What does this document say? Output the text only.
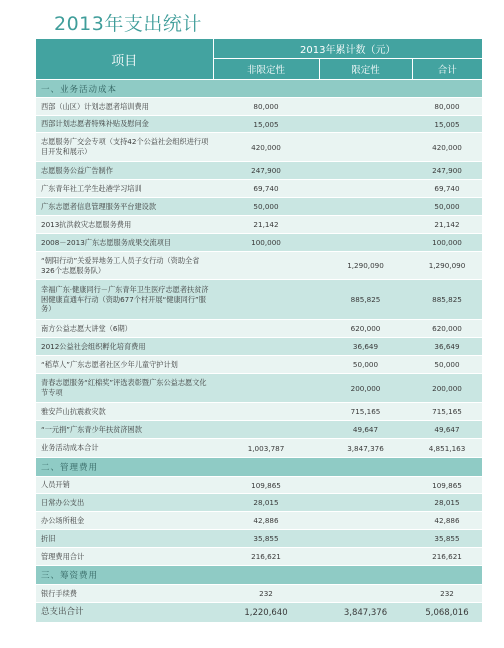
2013年支出统计
项目	2013年累计数（元）		
	非限定性	限定性	合计
一、业务活动成本			
西部（山区）计划志愿者培训费用	80,000		80,000
西部计划志愿者特殊补贴及慰问金	15,005		15,005
志愿服务广交会专项（支持42个公益社会组织进行项目开发和展示）	420,000		420,000
志愿服务公益广告制作	247,900		247,900
广东青年社工学生赴港学习培训	69,740		69,740
广东志愿者信息管理服务平台建设款	50,000		50,000
2013抗洪救灾志愿服务费用	21,142		21,142
2008－2013广东志愿服务成果交流项目	100,000		100,000
“朝阳行动”关爱异地务工人员子女行动（资助全省326个志愿服务队）		1,290,090	1,290,090
幸福广东·健康同行－广东青年卫生医疗志愿者扶贫济困健康直通车行动（资助677个村开展“健康同行”服务）		885,825	885,825
南方公益志愿大讲堂（6期）		620,000	620,000
2012公益社会组织孵化培育费用		36,649	36,649
“稻草人”广东志愿者社区少年儿童守护计划		50,000	50,000
青春志愿服务“红棉奖”评选表彰暨广东公益志愿文化节专项		200,000	200,000
雅安芦山抗震救灾款		715,165	715,165
“一元捐”广东青少年扶贫济困款		49,647	49,647
业务活动成本合计	1,003,787	3,847,376	4,851,163
二、管理费用			
人员开销	109,865		109,865
日常办公支出	28,015		28,015
办公场所租金	42,886		42,886
折旧	35,855		35,855
管理费用合计	216,621		216,621
三、筹资费用			
银行手续费	232		232
总支出合计	1,220,640	3,847,376	5,068,016
